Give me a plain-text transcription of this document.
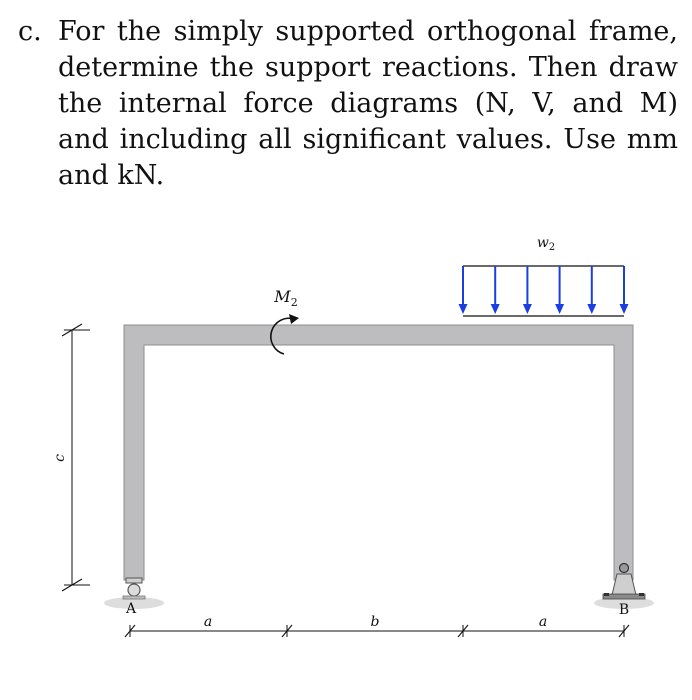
c. For the simply supported orthogonal frame, determine the support reactions. Then draw the internal force diagrams (N, V, and M) and including all significant values. Use mm and kN.
$w_2$
$M_2$
c
a	b	a
A	B
